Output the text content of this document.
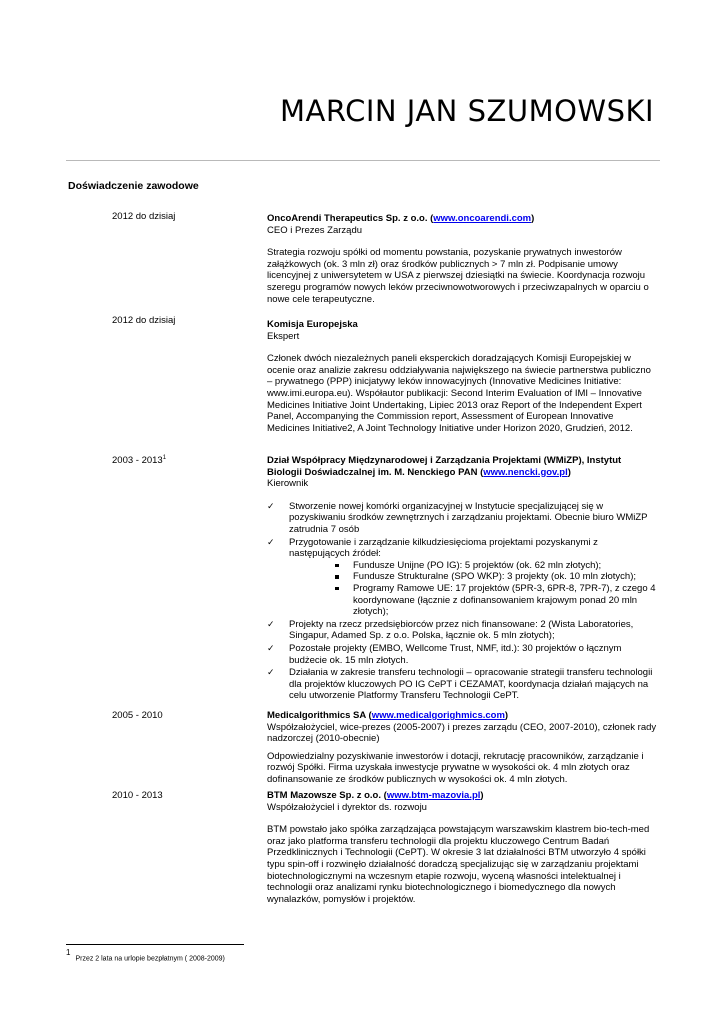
MARCIN JAN SZUMOWSKI
Doświadczenie zawodowe
2012 do dzisiaj	OncoArendi Therapeutics Sp. z o.o. (www.oncoarendi.com)

CEO i Prezes Zarządu

Strategia rozwoju spółki od momentu powstania, pozyskanie prywatnych inwestorów załążkowych (ok. 3 mln zł) oraz środków publicznych > 7 mln zł. Podpisanie umowy licencyjnej z uniwersytetem w USA z pierwszej dziesiątki na świecie. Koordynacja rozwoju szeregu programów nowych leków przeciwnowotworowych i przeciwzapalnych w oparciu o nowe cele terapeutyczne.

2012 do dzisiaj	Komisja Europejska

Ekspert

Członek dwóch niezależnych paneli eksperckich doradzających Komisji Europejskiej w ocenie oraz analizie zakresu oddziaływania największego na świecie partnerstwa publiczno – prywatnego (PPP) inicjatywy leków innowacyjnych (Innovative Medicines Initiative: www.imi.europa.eu). Współautor publikacji: Second Interim Evaluation of IMI – Innovative Medicines Initiative Joint Undertaking, Lipiec 2013 oraz Report of the Independent Expert Panel, Accompanying the Commission report, Assessment of European Innovative Medicines Initiative2, A Joint Technology Initiative under Horizon 2020, Grudzień, 2012.

2003 - 2013$^1$	Dział Współpracy Międzynarodowej i Zarządzania Projektami (WMiZP), Instytut Biologii Doświadczalnej im. M. Nenckiego PAN (www.nencki.gov.pl)

Kierownik

✓ Stworzenie nowej komórki organizacyjnej w Instytucie specjalizującej się w pozyskiwaniu środków zewnętrznych i zarządzaniu projektami. Obecnie biuro WMiZP zatrudnia 7 osób
✓ Przygotowanie i zarządzanie kilkudziesięcioma projektami pozyskanymi z następujących źródeł:
Fundusze Unijne (PO IG): 5 projektów (ok. 62 mln złotych);
Fundusze Strukturalne (SPO WKP): 3 projekty (ok. 10 mln złotych);
Programy Ramowe UE: 17 projektów (5PR-3, 6PR-8, 7PR-7), z czego 4 koordynowane (łącznie z dofinansowaniem krajowym ponad 20 mln złotych);
✓ Projekty na rzecz przedsiębiorców przez nich finansowane: 2 (Wista Laboratories, Singapur, Adamed Sp. z o.o. Polska, łącznie ok. 5 mln złotych);
✓ Pozostałe projekty (EMBO, Wellcome Trust, NMF, itd.): 30 projektów o łącznym budżecie ok. 15 mln złotych.
✓ Działania w zakresie transferu technologii – opracowanie strategii transferu technologii dla projektów kluczowych PO IG CePT i CEZAMAT, koordynacja działań mających na celu utworzenie Platformy Transferu Technologii CePT.
2005 - 2010	Medicalgorithmics SA (www.medicalgorighmics.com)

Współzałożyciel, wice-prezes (2005-2007) i prezes zarządu (CEO, 2007-2010), członek rady nadzorczej (2010-obecnie)

Odpowiedzialny pozyskiwanie inwestorów i dotacji, rekrutację pracowników, zarządzanie i rozwój Spółki. Firma uzyskała inwestycje prywatne w wysokości ok. 4 mln złotych oraz dofinansowanie ze środków publicznych w wysokości ok. 4 mln złotych.

2010 - 2013	BTM Mazowsze Sp. z o.o. (www.btm-mazovia.pl)

Współzałożyciel i dyrektor ds. rozwoju

BTM powstało jako spółka zarządzająca powstającym warszawskim klastrem bio-tech-med oraz jako platforma transferu technologii dla projektu kluczowego Centrum Badań Przedklinicznych i Technologii (CePT). W okresie 3 lat działalności BTM utworzyło 4 spółki typu spin-off i rozwinęło działalność doradczą specjalizując się w zarządzaniu projektami biotechnologicznymi na wczesnym etapie rozwoju, wyceną własności intelektualnej i technologii oraz analizami rynku biotechnologicznego i biomedycznego dla nowych wynalazków, pomysłów i projektów.

$^1$Przez 2 lata na urlopie bezpłatnym ( 2008-2009)
